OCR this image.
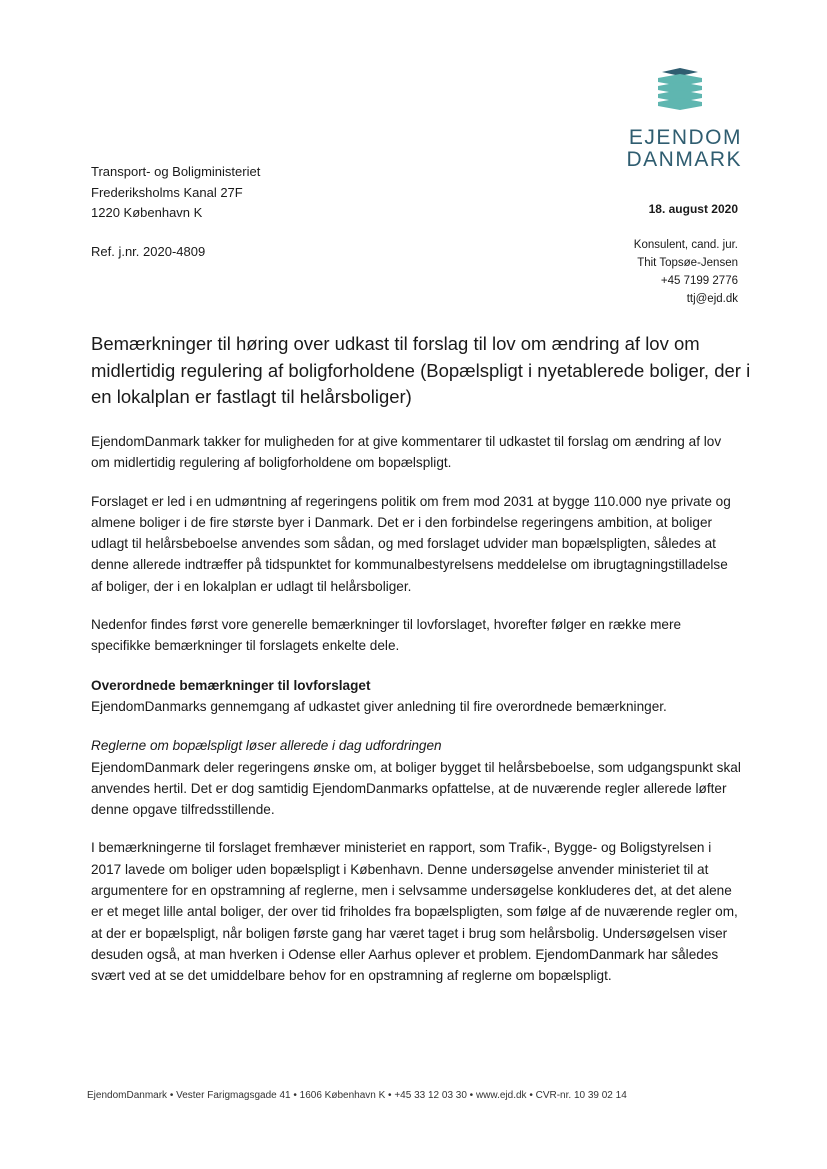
EJENDOM
DANMARK
Transport- og Boligministeriet
Frederiksholms Kanal 27F
1220 København K
Ref. j.nr. 2020-4809
18. august 2020
Konsulent, cand. jur.
Thit Topsøe-Jensen
+45 7199 2776
ttj@ejd.dk
Bemærkninger til høring over udkast til forslag til lov om ændring af lov om midlertidig regulering af boligforholdene (Bopælspligt i nyetablerede boliger, der i en lokalplan er fastlagt til helårsboliger)

EjendomDanmark takker for muligheden for at give kommentarer til udkastet til forslag om ændring af lov om midlertidig regulering af boligforholdene om bopælspligt.

Forslaget er led i en udmøntning af regeringens politik om frem mod 2031 at bygge 110.000 nye private og almene boliger i de fire største byer i Danmark. Det er i den forbindelse regeringens ambition, at boliger udlagt til helårsbeboelse anvendes som sådan, og med forslaget udvider man bopælspligten, således at denne allerede indtræffer på tidspunktet for kommunalbestyrelsens meddelelse om ibrugtagningstilladelse af boliger, der i en lokalplan er udlagt til helårsboliger.

Nedenfor findes først vore generelle bemærkninger til lovforslaget, hvorefter følger en række mere specifikke bemærkninger til forslagets enkelte dele.

Overordnede bemærkninger til lovforslaget

EjendomDanmarks gennemgang af udkastet giver anledning til fire overordnede bemærkninger.

Reglerne om bopælspligt løser allerede i dag udfordringen

EjendomDanmark deler regeringens ønske om, at boliger bygget til helårsbeboelse, som udgangspunkt skal anvendes hertil. Det er dog samtidig EjendomDanmarks opfattelse, at de nuværende regler allerede løfter denne opgave tilfredsstillende.

I bemærkningerne til forslaget fremhæver ministeriet en rapport, som Trafik-, Bygge- og Boligstyrelsen i 2017 lavede om boliger uden bopælspligt i København. Denne undersøgelse anvender ministeriet til at argumentere for en opstramning af reglerne, men i selvsamme undersøgelse konkluderes det, at det alene er et meget lille antal boliger, der over tid friholdes fra bopælspligten, som følge af de nuværende regler om, at der er bopælspligt, når boligen første gang har været taget i brug som helårsbolig. Undersøgelsen viser desuden også, at man hverken i Odense eller Aarhus oplever et problem. EjendomDanmark har således svært ved at se det umiddelbare behov for en opstramning af reglerne om bopælspligt.

EjendomDanmark • Vester Farigmagsgade 41 • 1606 København K • +45 33 12 03 30 • www.ejd.dk • CVR-nr. 10 39 02 14
